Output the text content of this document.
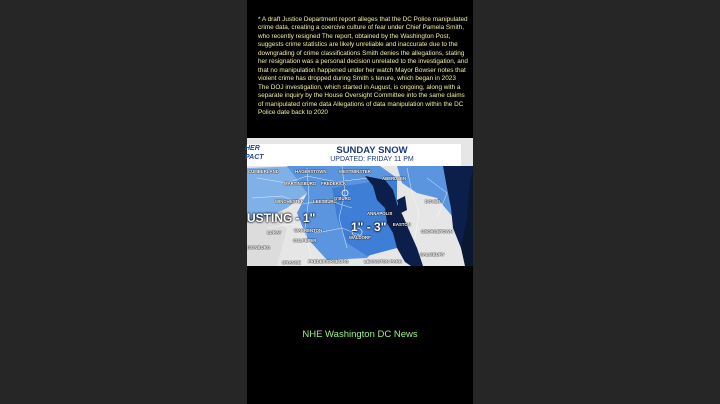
* A draft Justice Department report alleges that the DC Police manipulated crime data, creating a coercive culture of fear under Chief Pamela Smith, who recently resigned The report, obtained by the Washington Post, suggests crime statistics are likely unreliable and inaccurate due to the downgrading of crime classifications Smith denies the allegations, stating her resignation was a personal decision unrelated to the investigation, and that no manipulation happened under her watch Mayor Bowser notes that violent crime has dropped during Smith s tenure, which began in 2023 The DOJ investigation, which started in August, is ongoing, along with a separate inquiry by the House Oversight Committee into the same claims of manipulated crime data Allegations of data manipulation within the DC Police date back to 2020

HER
PACT
SUNDAY SNOW
UPDATED: FRIDAY 11 PM
CUMBERLAND	HAGERSTOWN	WESTMINSTER
MARTINSBURG FREDERICK
ABERDEEN
WINCHESTER LEESBURG
G'BURG
DOVER
ANNAPOLIS
LURAY	WARRENTON
EASTON
CULPEPER
WALDORF
GEORGETOWN
ISONBURG
ORANGE FREDERICKSBURG	LEXINGTON PARK
SALISBURY
USTING - 1"
1" - 3"
NHE Washington DC News
